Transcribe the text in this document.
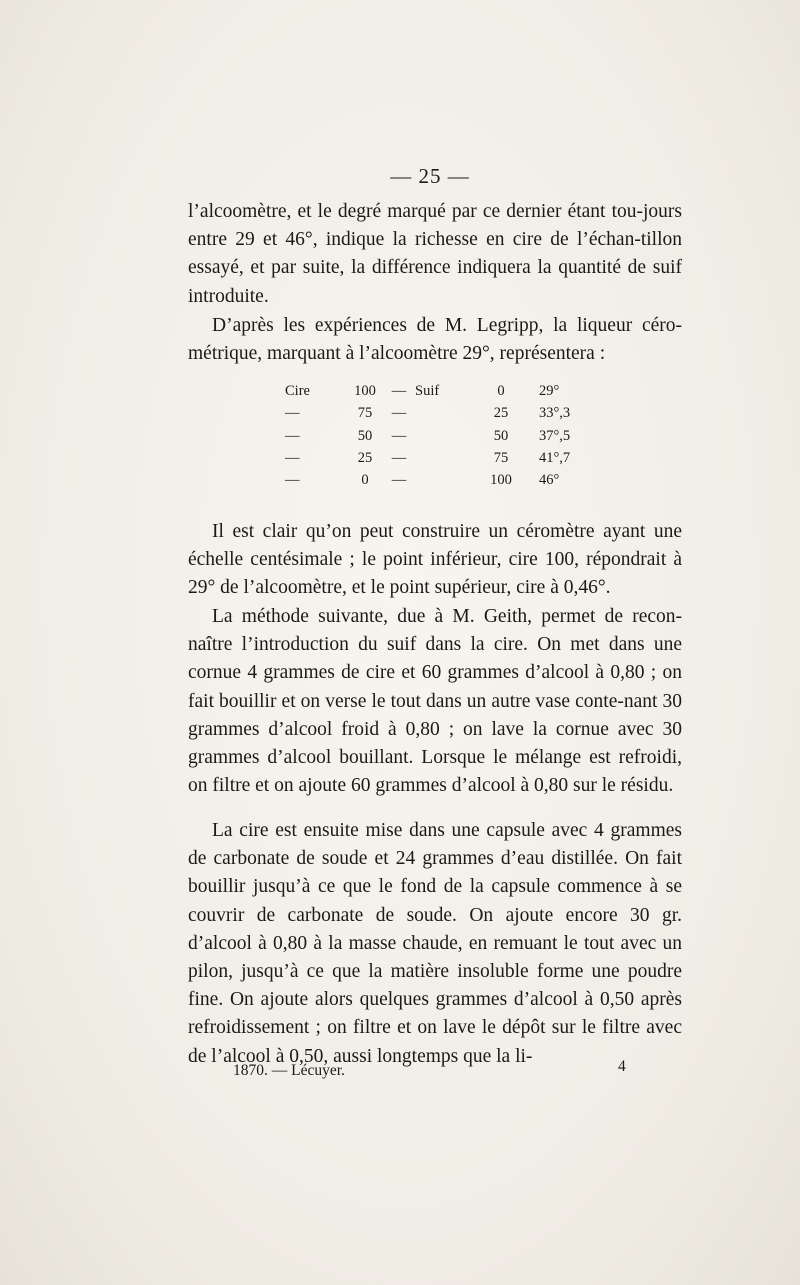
— 25 —

l’alcoomètre, et le degré marqué par ce dernier étant tou-jours entre 29 et 46°, indique la richesse en cire de l’échan-tillon essayé, et par suite, la différence indiquera la quantité de suif introduite.

D’après les expériences de M. Legripp, la liqueur céro-métrique, marquant à l’alcoomètre 29°, représentera :

Cire	100	—	Suif	0	29°
—	75	—		25	33°,3
—	50	—		50	37°,5
—	25	—		75	41°,7
—	0	—		100	46°

Il est clair qu’on peut construire un céromètre ayant une échelle centésimale ; le point inférieur, cire 100, répondrait à 29° de l’alcoomètre, et le point supérieur, cire à 0,46°.

La méthode suivante, due à M. Geith, permet de recon-naître l’introduction du suif dans la cire. On met dans une cornue 4 grammes de cire et 60 grammes d’alcool à 0,80 ; on fait bouillir et on verse le tout dans un autre vase conte-nant 30 grammes d’alcool froid à 0,80 ; on lave la cornue avec 30 grammes d’alcool bouillant. Lorsque le mélange est refroidi, on filtre et on ajoute 60 grammes d’alcool à 0,80 sur le résidu.

La cire est ensuite mise dans une capsule avec 4 grammes de carbonate de soude et 24 grammes d’eau distillée. On fait bouillir jusqu’à ce que le fond de la capsule commence à se couvrir de carbonate de soude. On ajoute encore 30 gr. d’alcool à 0,80 à la masse chaude, en remuant le tout avec un pilon, jusqu’à ce que la matière insoluble forme une poudre fine. On ajoute alors quelques grammes d’alcool à 0,50 après refroidissement ; on filtre et on lave le dépôt sur le filtre avec de l’alcool à 0,50, aussi longtemps que la li-

1870. — Lécuyer.	4
